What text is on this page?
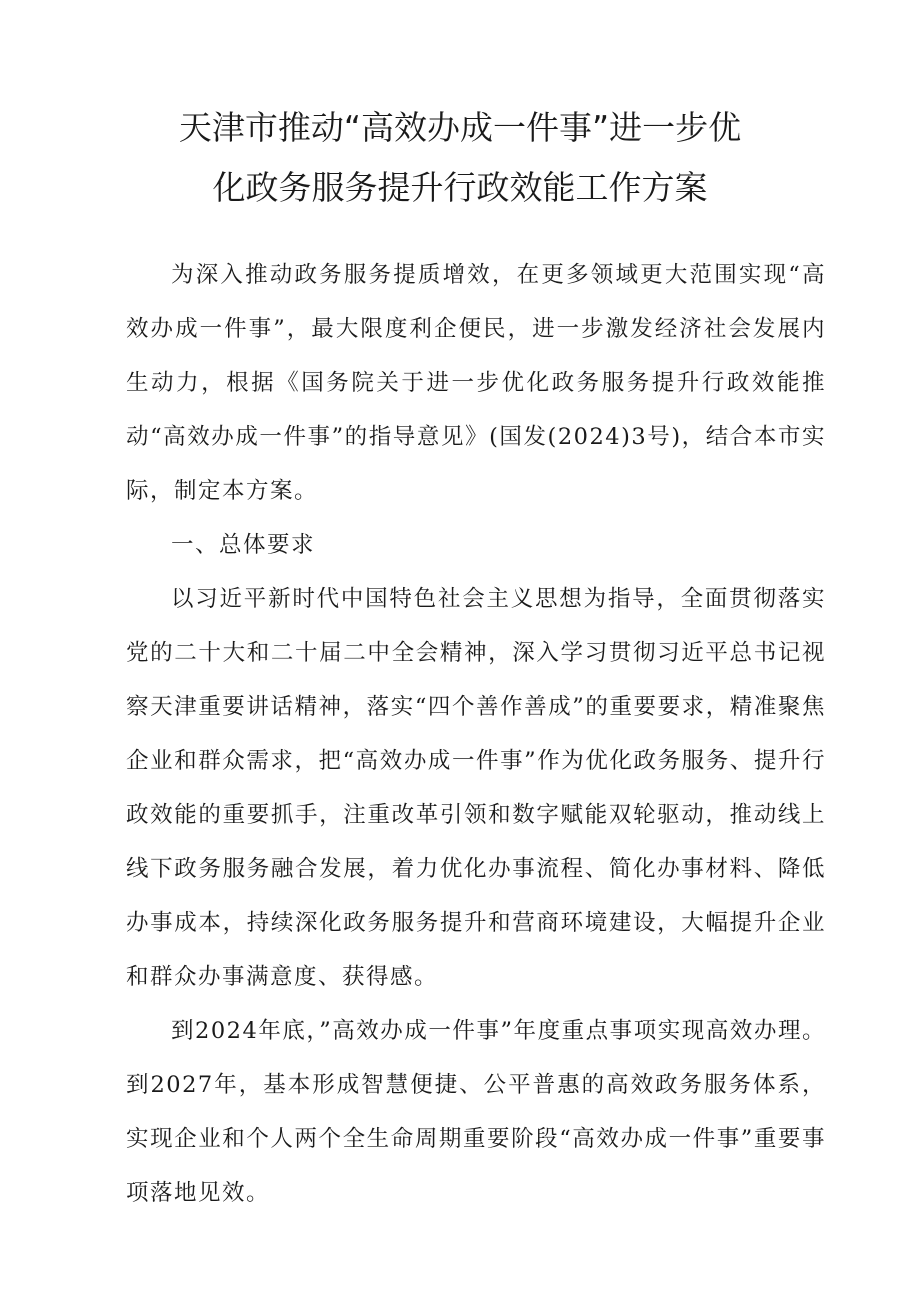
天津市推动“高效办成一件事”进一步优
化政务服务提升行政效能工作方案

为深入推动政务服务提质增效，在更多领域更大范围实现“高效办成一件事”，最大限度利企便民，进一步激发经济社会发展内生动力，根据《国务院关于进一步优化政务服务提升行政效能推动“高效办成一件事”的指导意见》(国发(2024)3号)，结合本市实际，制定本方案。

一、总体要求

以习近平新时代中国特色社会主义思想为指导，全面贯彻落实党的二十大和二十届二中全会精神，深入学习贯彻习近平总书记视察天津重要讲话精神，落实“四个善作善成”的重要要求，精准聚焦企业和群众需求，把“高效办成一件事”作为优化政务服务、提升行政效能的重要抓手，注重改革引领和数字赋能双轮驱动，推动线上线下政务服务融合发展，着力优化办事流程、简化办事材料、降低办事成本，持续深化政务服务提升和营商环境建设，大幅提升企业和群众办事满意度、获得感。

到2024年底，”高效办成一件事”年度重点事项实现高效办理。到2027年，基本形成智慧便捷、公平普惠的高效政务服务体系，实现企业和个人两个全生命周期重要阶段“高效办成一件事”重要事项落地见效。
